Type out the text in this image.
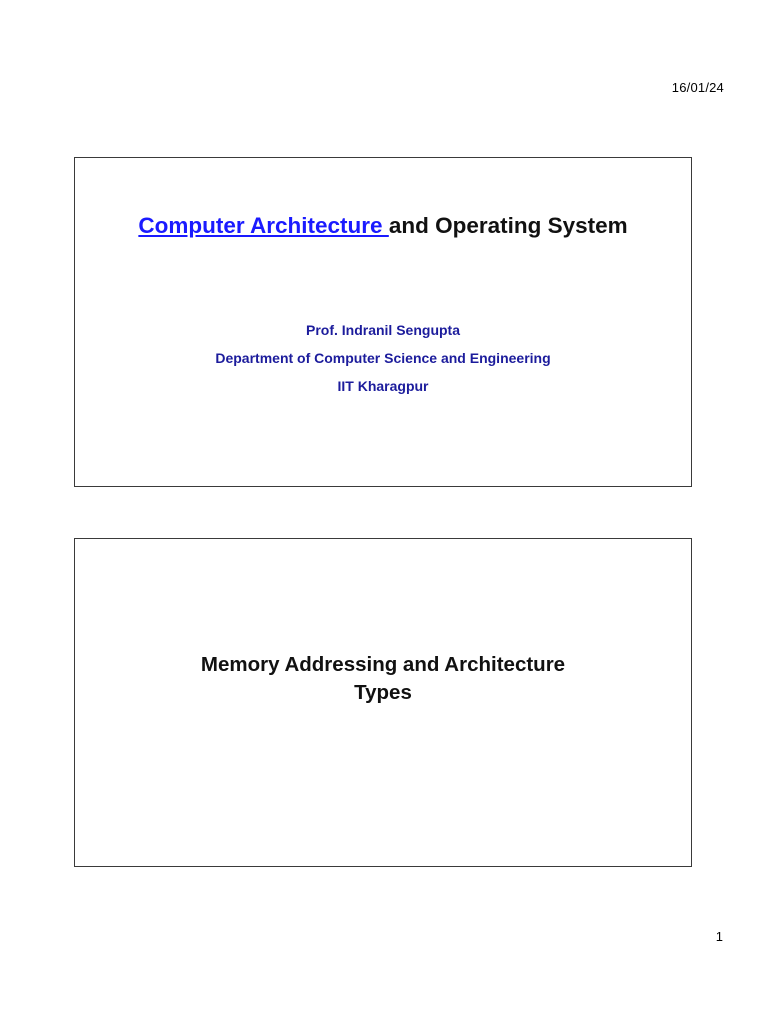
16/01/24
Computer Architecture and Operating System
Prof. Indranil Sengupta
Department of Computer Science and Engineering
IIT Kharagpur
Memory Addressing and Architecture
Types
1
